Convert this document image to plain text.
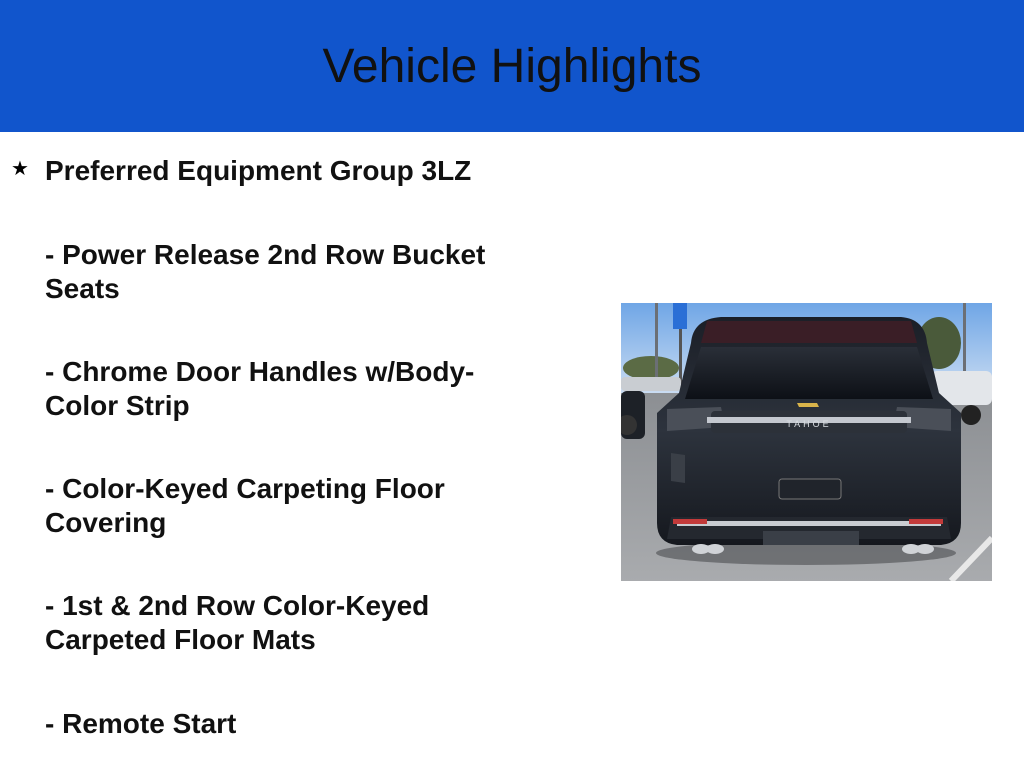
Vehicle Highlights
★ Preferred Equipment Group 3LZ
- Power Release 2nd Row Bucket Seats
- Chrome Door Handles w/Body-Color Strip
- Color-Keyed Carpeting Floor Covering
- 1st & 2nd Row Color-Keyed Carpeted Floor Mats
- Remote Start
TAHOE
